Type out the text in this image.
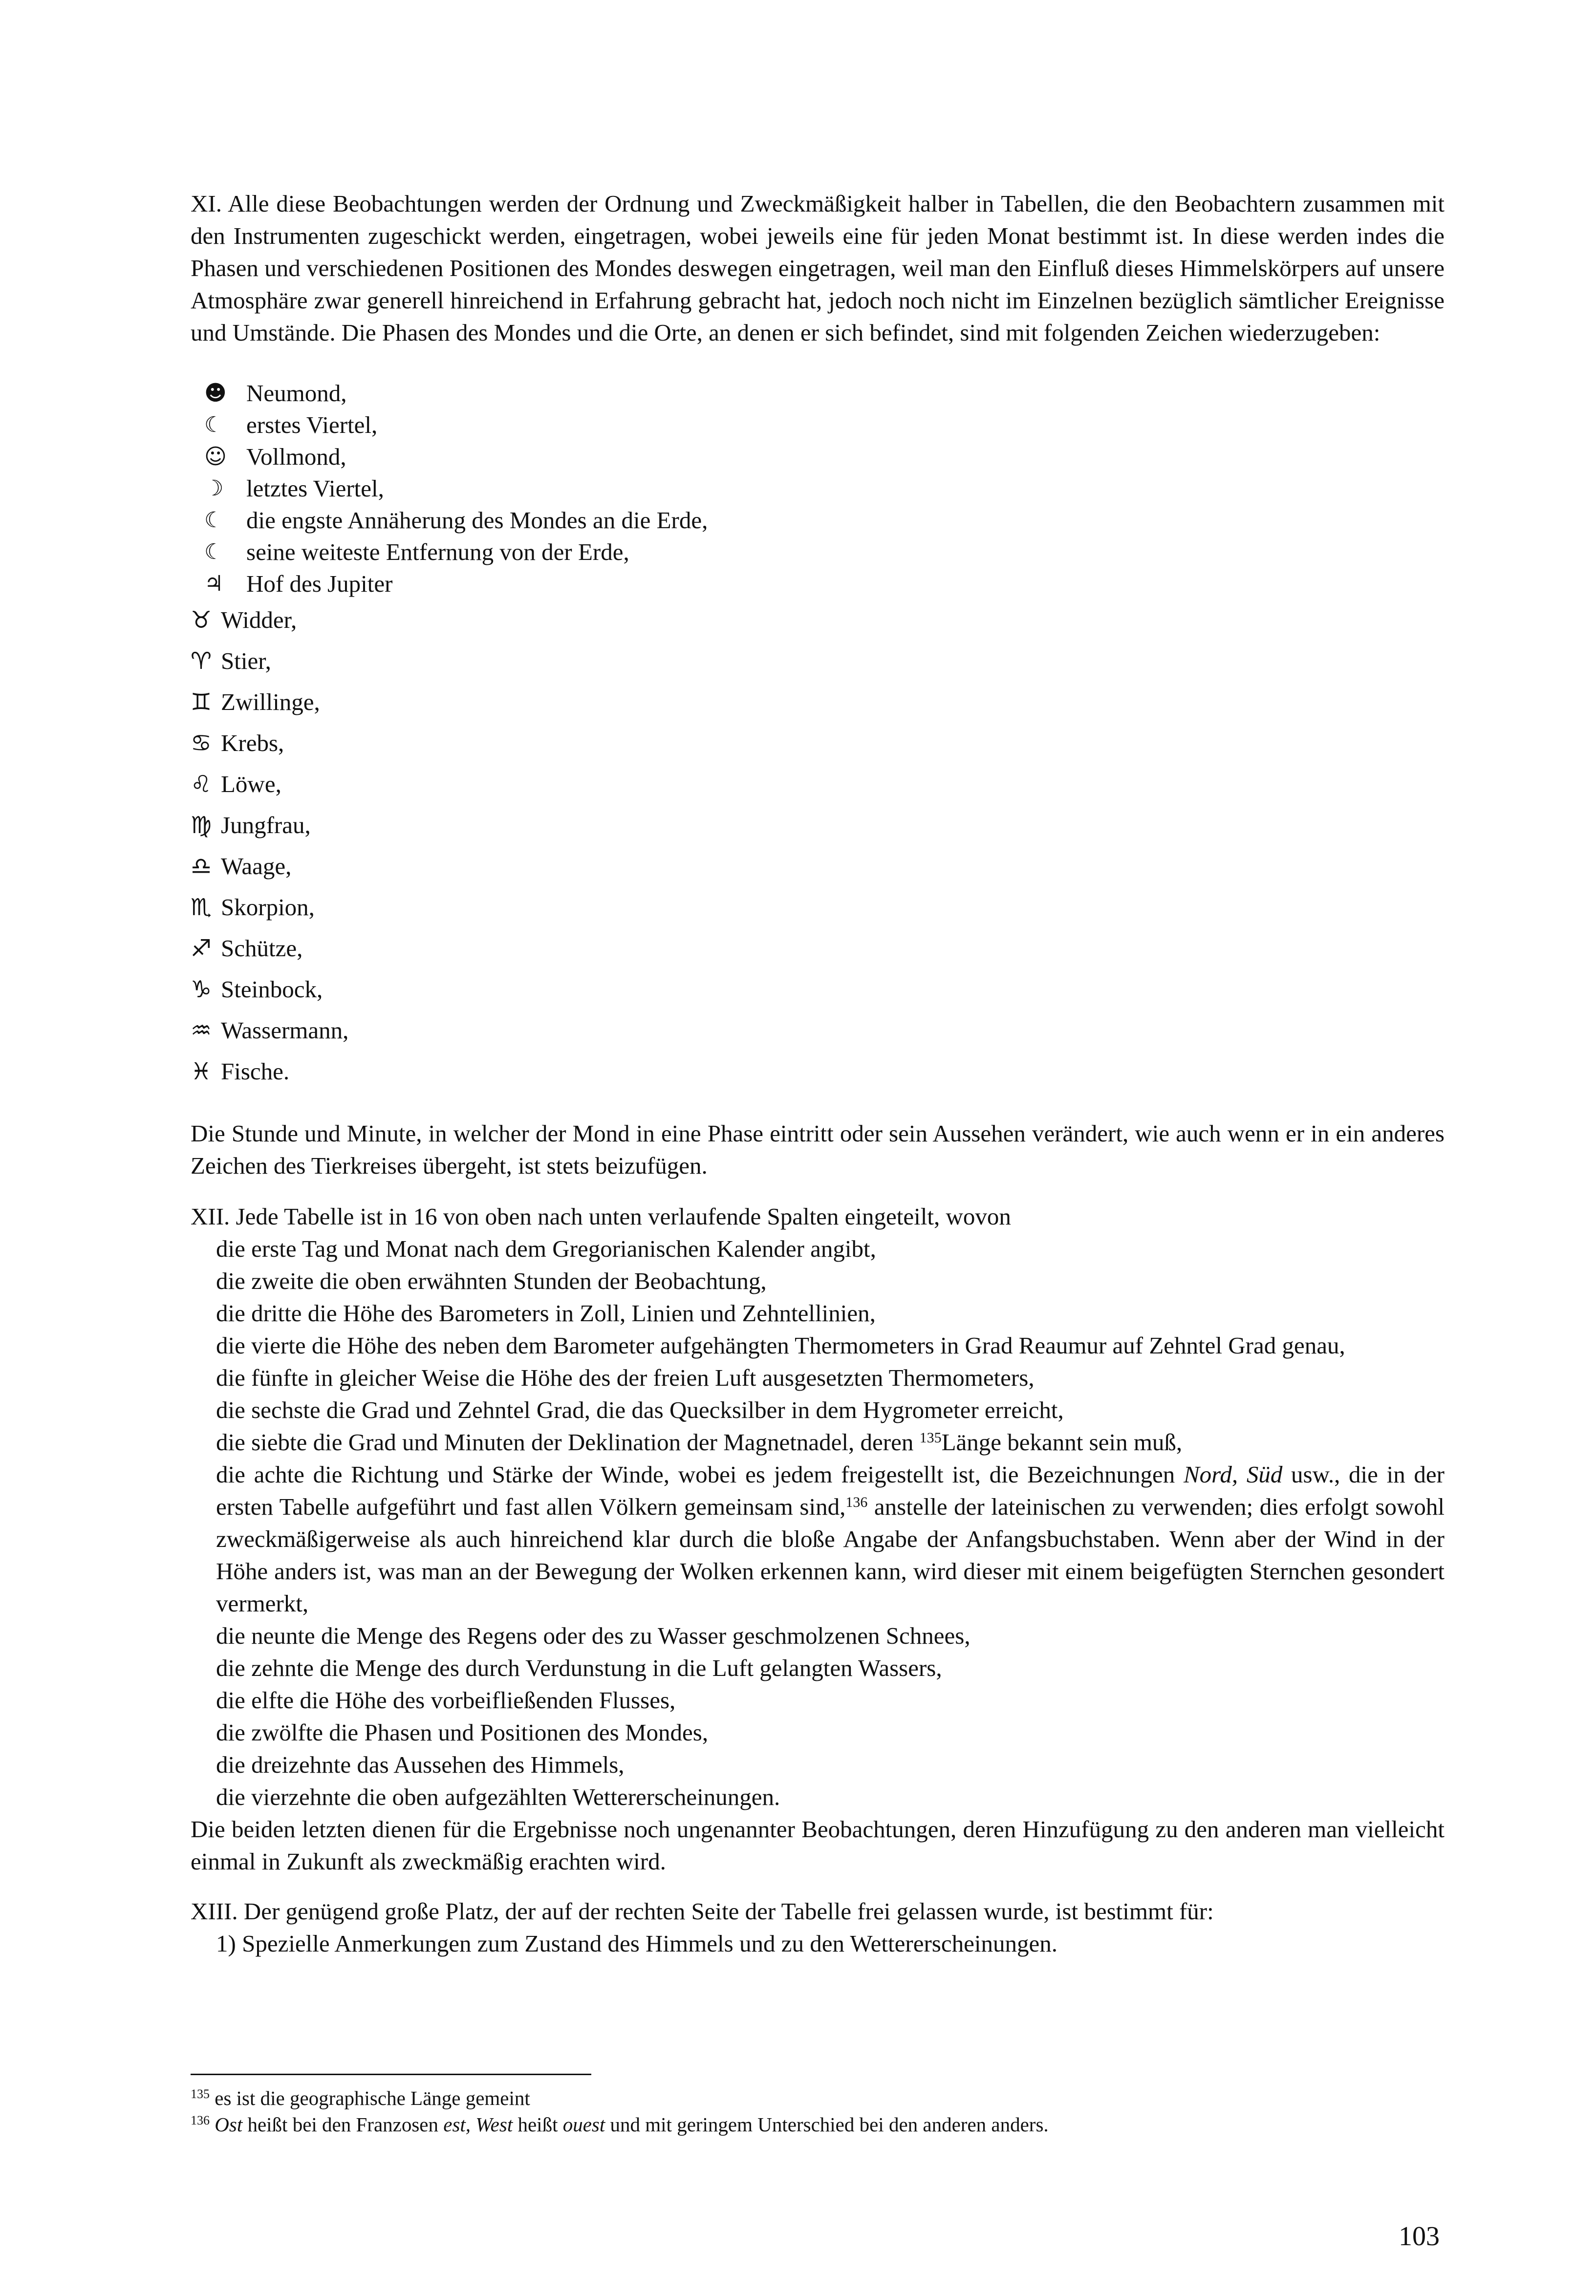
XI. Alle diese Beobachtungen werden der Ordnung und Zweckmäßigkeit halber in Tabellen, die den Beobachtern zusammen mit den Instrumenten zugeschickt werden, eingetragen, wobei jeweils eine für jeden Monat bestimmt ist. In diese werden indes die Phasen und verschiedenen Positionen des Mondes deswegen eingetragen, weil man den Einfluß dieses Himmelskörpers auf unsere Atmosphäre zwar generell hinreichend in Erfahrung gebracht hat, jedoch noch nicht im Einzelnen bezüglich sämtlicher Ereignisse und Umstände. Die Phasen des Mondes und die Orte, an denen er sich befindet, sind mit folgenden Zeichen wiederzugeben:

☻ Neumond,
☾ erstes Viertel,
☺ Vollmond,
☽ letztes Viertel,
☾ die engste Annäherung des Mondes an die Erde,
☾ seine weiteste Entfernung von der Erde,
♃ Hof des Jupiter
♉ Widder,
♈ Stier,
♊ Zwillinge,
♋ Krebs,
♌ Löwe,
♍ Jungfrau,
♎ Waage,
♏ Skorpion,
♐ Schütze,
♑ Steinbock,
♒ Wassermann,
♓ Fische.

Die Stunde und Minute, in welcher der Mond in eine Phase eintritt oder sein Aussehen verändert, wie auch wenn er in ein anderes Zeichen des Tierkreises übergeht, ist stets beizufügen.

XII. Jede Tabelle ist in 16 von oben nach unten verlaufende Spalten eingeteilt, wovon

die erste Tag und Monat nach dem Gregorianischen Kalender angibt,

die zweite die oben erwähnten Stunden der Beobachtung,

die dritte die Höhe des Barometers in Zoll, Linien und Zehntellinien,

die vierte die Höhe des neben dem Barometer aufgehängten Thermometers in Grad Reaumur auf Zehntel Grad genau,

die fünfte in gleicher Weise die Höhe des der freien Luft ausgesetzten Thermometers,

die sechste die Grad und Zehntel Grad, die das Quecksilber in dem Hygrometer erreicht,

die siebte die Grad und Minuten der Deklination der Magnetnadel, deren $^{135}$Länge bekannt sein muß,

die achte die Richtung und Stärke der Winde, wobei es jedem freigestellt ist, die Bezeichnungen Nord, Süd usw., die in der ersten Tabelle aufgeführt und fast allen Völkern gemeinsam sind,$^{136}$ anstelle der lateinischen zu verwenden; dies erfolgt sowohl zweckmäßigerweise als auch hinreichend klar durch die bloße Angabe der Anfangsbuchstaben. Wenn aber der Wind in der Höhe anders ist, was man an der Bewegung der Wolken erkennen kann, wird dieser mit einem beigefügten Sternchen gesondert vermerkt,

die neunte die Menge des Regens oder des zu Wasser geschmolzenen Schnees,

die zehnte die Menge des durch Verdunstung in die Luft gelangten Wassers,

die elfte die Höhe des vorbeifließenden Flusses,

die zwölfte die Phasen und Positionen des Mondes,

die dreizehnte das Aussehen des Himmels,

die vierzehnte die oben aufgezählten Wettererscheinungen.

Die beiden letzten dienen für die Ergebnisse noch ungenannter Beobachtungen, deren Hinzufügung zu den anderen man vielleicht einmal in Zukunft als zweckmäßig erachten wird.

XIII. Der genügend große Platz, der auf der rechten Seite der Tabelle frei gelassen wurde, ist bestimmt für:

1) Spezielle Anmerkungen zum Zustand des Himmels und zu den Wettererscheinungen.

$^{135}$ es ist die geographische Länge gemeint
$^{136}$ Ost heißt bei den Franzosen est, West heißt ouest und mit geringem Unterschied bei den anderen anders.
103
